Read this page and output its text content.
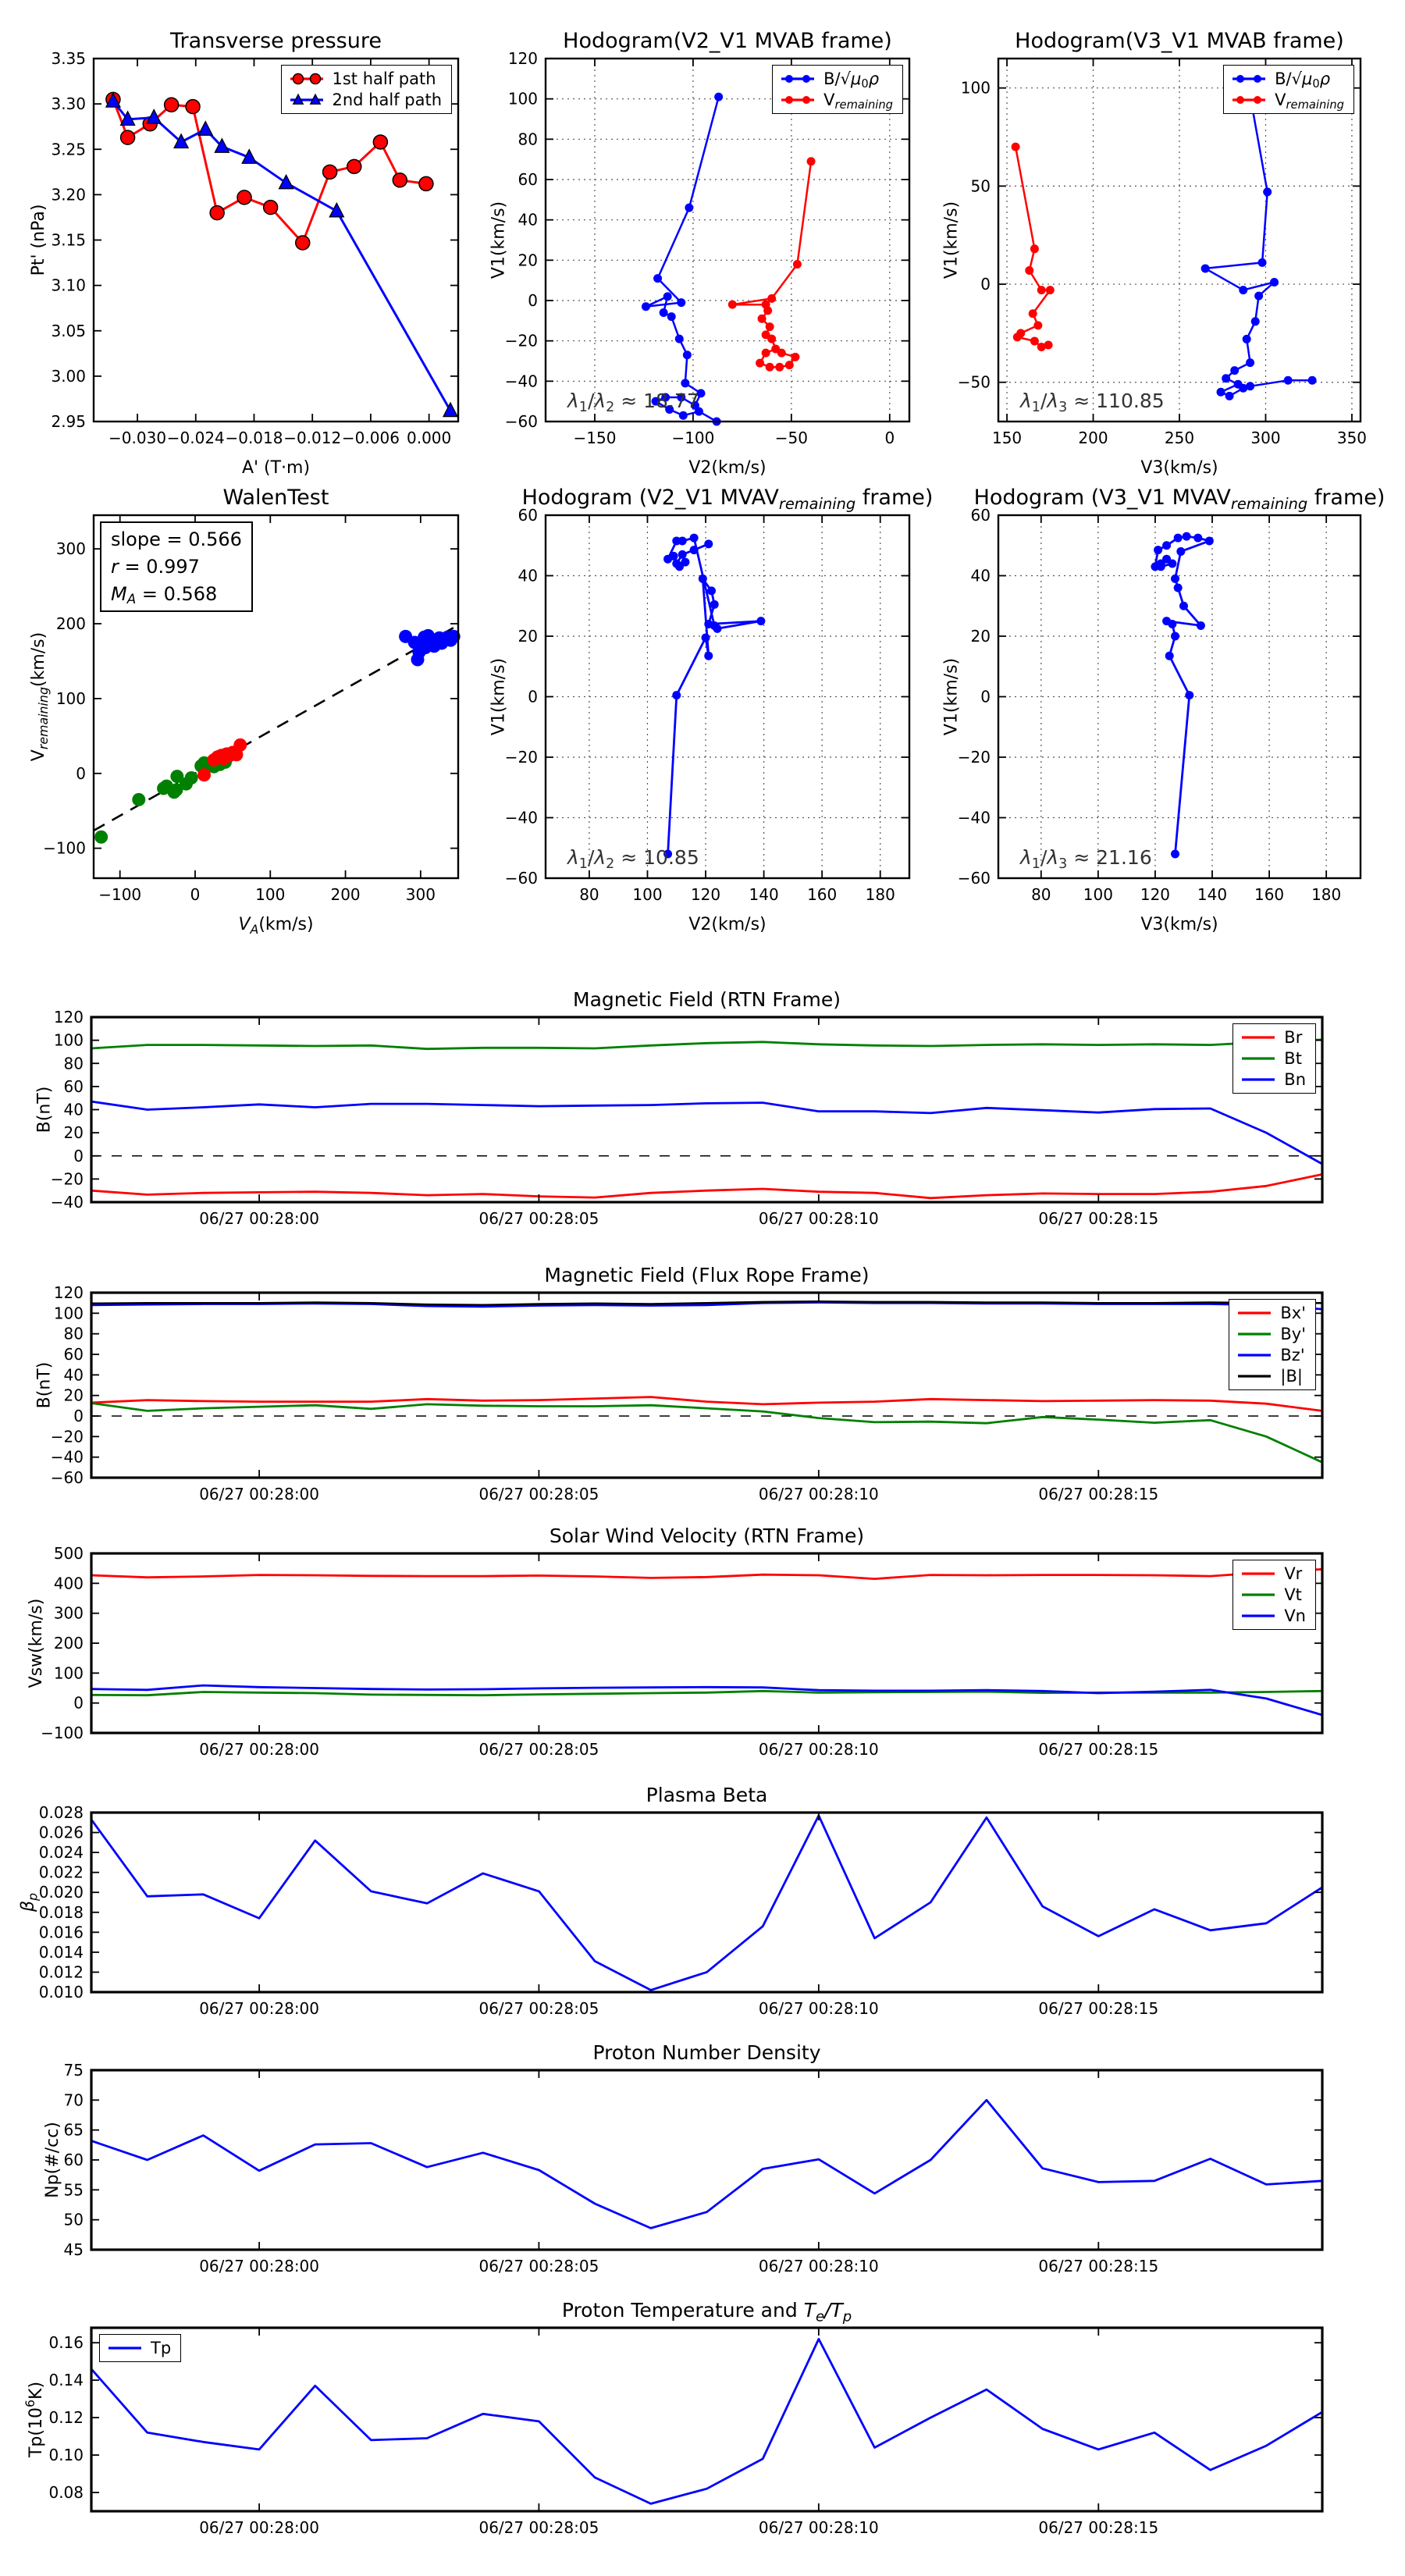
−0.030 −0.024 −0.018 −0.012 −0.006 0.000
2.95
3.00
3.05
3.10
3.15
3.20
3.25
3.30
3.35
Transverse pressure
A' (T·m)
Pt' (nPa)
1st half path
2nd half path
−150	−100	−50	0
−60
−40
−20
0
20
40
60
80
100
120
Hodogram(V2_V1 MVAB frame)
V2(km/s)
V1(km/s)
B/√μ0ρ
Vremaining
λ1/λ2 ≈ 18.77
150	200	250	300	350
−50
0
50
100
Hodogram(V3_V1 MVAB frame)
V3(km/s)
V1(km/s)
B/√μ0ρ
Vremaining
λ1/λ3 ≈ 110.85
−100	0	100	200	300
−100
0
100
200
300
WalenTest
$V_A(km/s)$
$V_{remaining}(km/s)$
slope = 0.566
r = 0.997
MA = 0.568
80 100 120 140 160 180
−60
−40
−20
0
20
40
60
Hodogram (V2_V1 $MVAV_{remaining}$ frame)
V2(km/s)
V1(km/s)
λ1/λ2 ≈ 10.85
80 100 120 140 160 180
−60
−40
−20
0
20
40
60
Hodogram (V3_V1 $MVAV_{remaining}$ frame)
V3(km/s)
V1(km/s)
λ1/λ3 ≈ 21.16
06/27 00:28:00	06/27 00:28:05	06/27 00:28:10	06/27 00:28:15
−40
−20
0
20
40
60
80
100
120
Magnetic Field (RTN Frame)
B(nT)
Br
Bt
Bn
06/27 00:28:00	06/27 00:28:05	06/27 00:28:10	06/27 00:28:15
−60
−40
−20
0
20
40
60
80
100
120
Magnetic Field (Flux Rope Frame)
B(nT)
Bx'
By'
Bz'
|B|
06/27 00:28:00	06/27 00:28:05	06/27 00:28:10	06/27 00:28:15
−100
0
100
200
300
400
500
Solar Wind Velocity (RTN Frame)
Vsw(km/s)
Vr
Vt
Vn
06/27 00:28:00	06/27 00:28:05	06/27 00:28:10	06/27 00:28:15
0.010
0.012
0.014
0.016
0.018
0.020
0.022
0.024
0.026
0.028
Plasma Beta
$\beta_p$
06/27 00:28:00	06/27 00:28:05	06/27 00:28:10	06/27 00:28:15
45
50
55
60
65
70
75
Proton Number Density
Np(#/cc)
06/27 00:28:00	06/27 00:28:05	06/27 00:28:10	06/27 00:28:15
0.08
0.10
0.12
0.14
0.16
Proton Temperature and $T_e/T_p$
$Tp(10^6K)$
Tp
